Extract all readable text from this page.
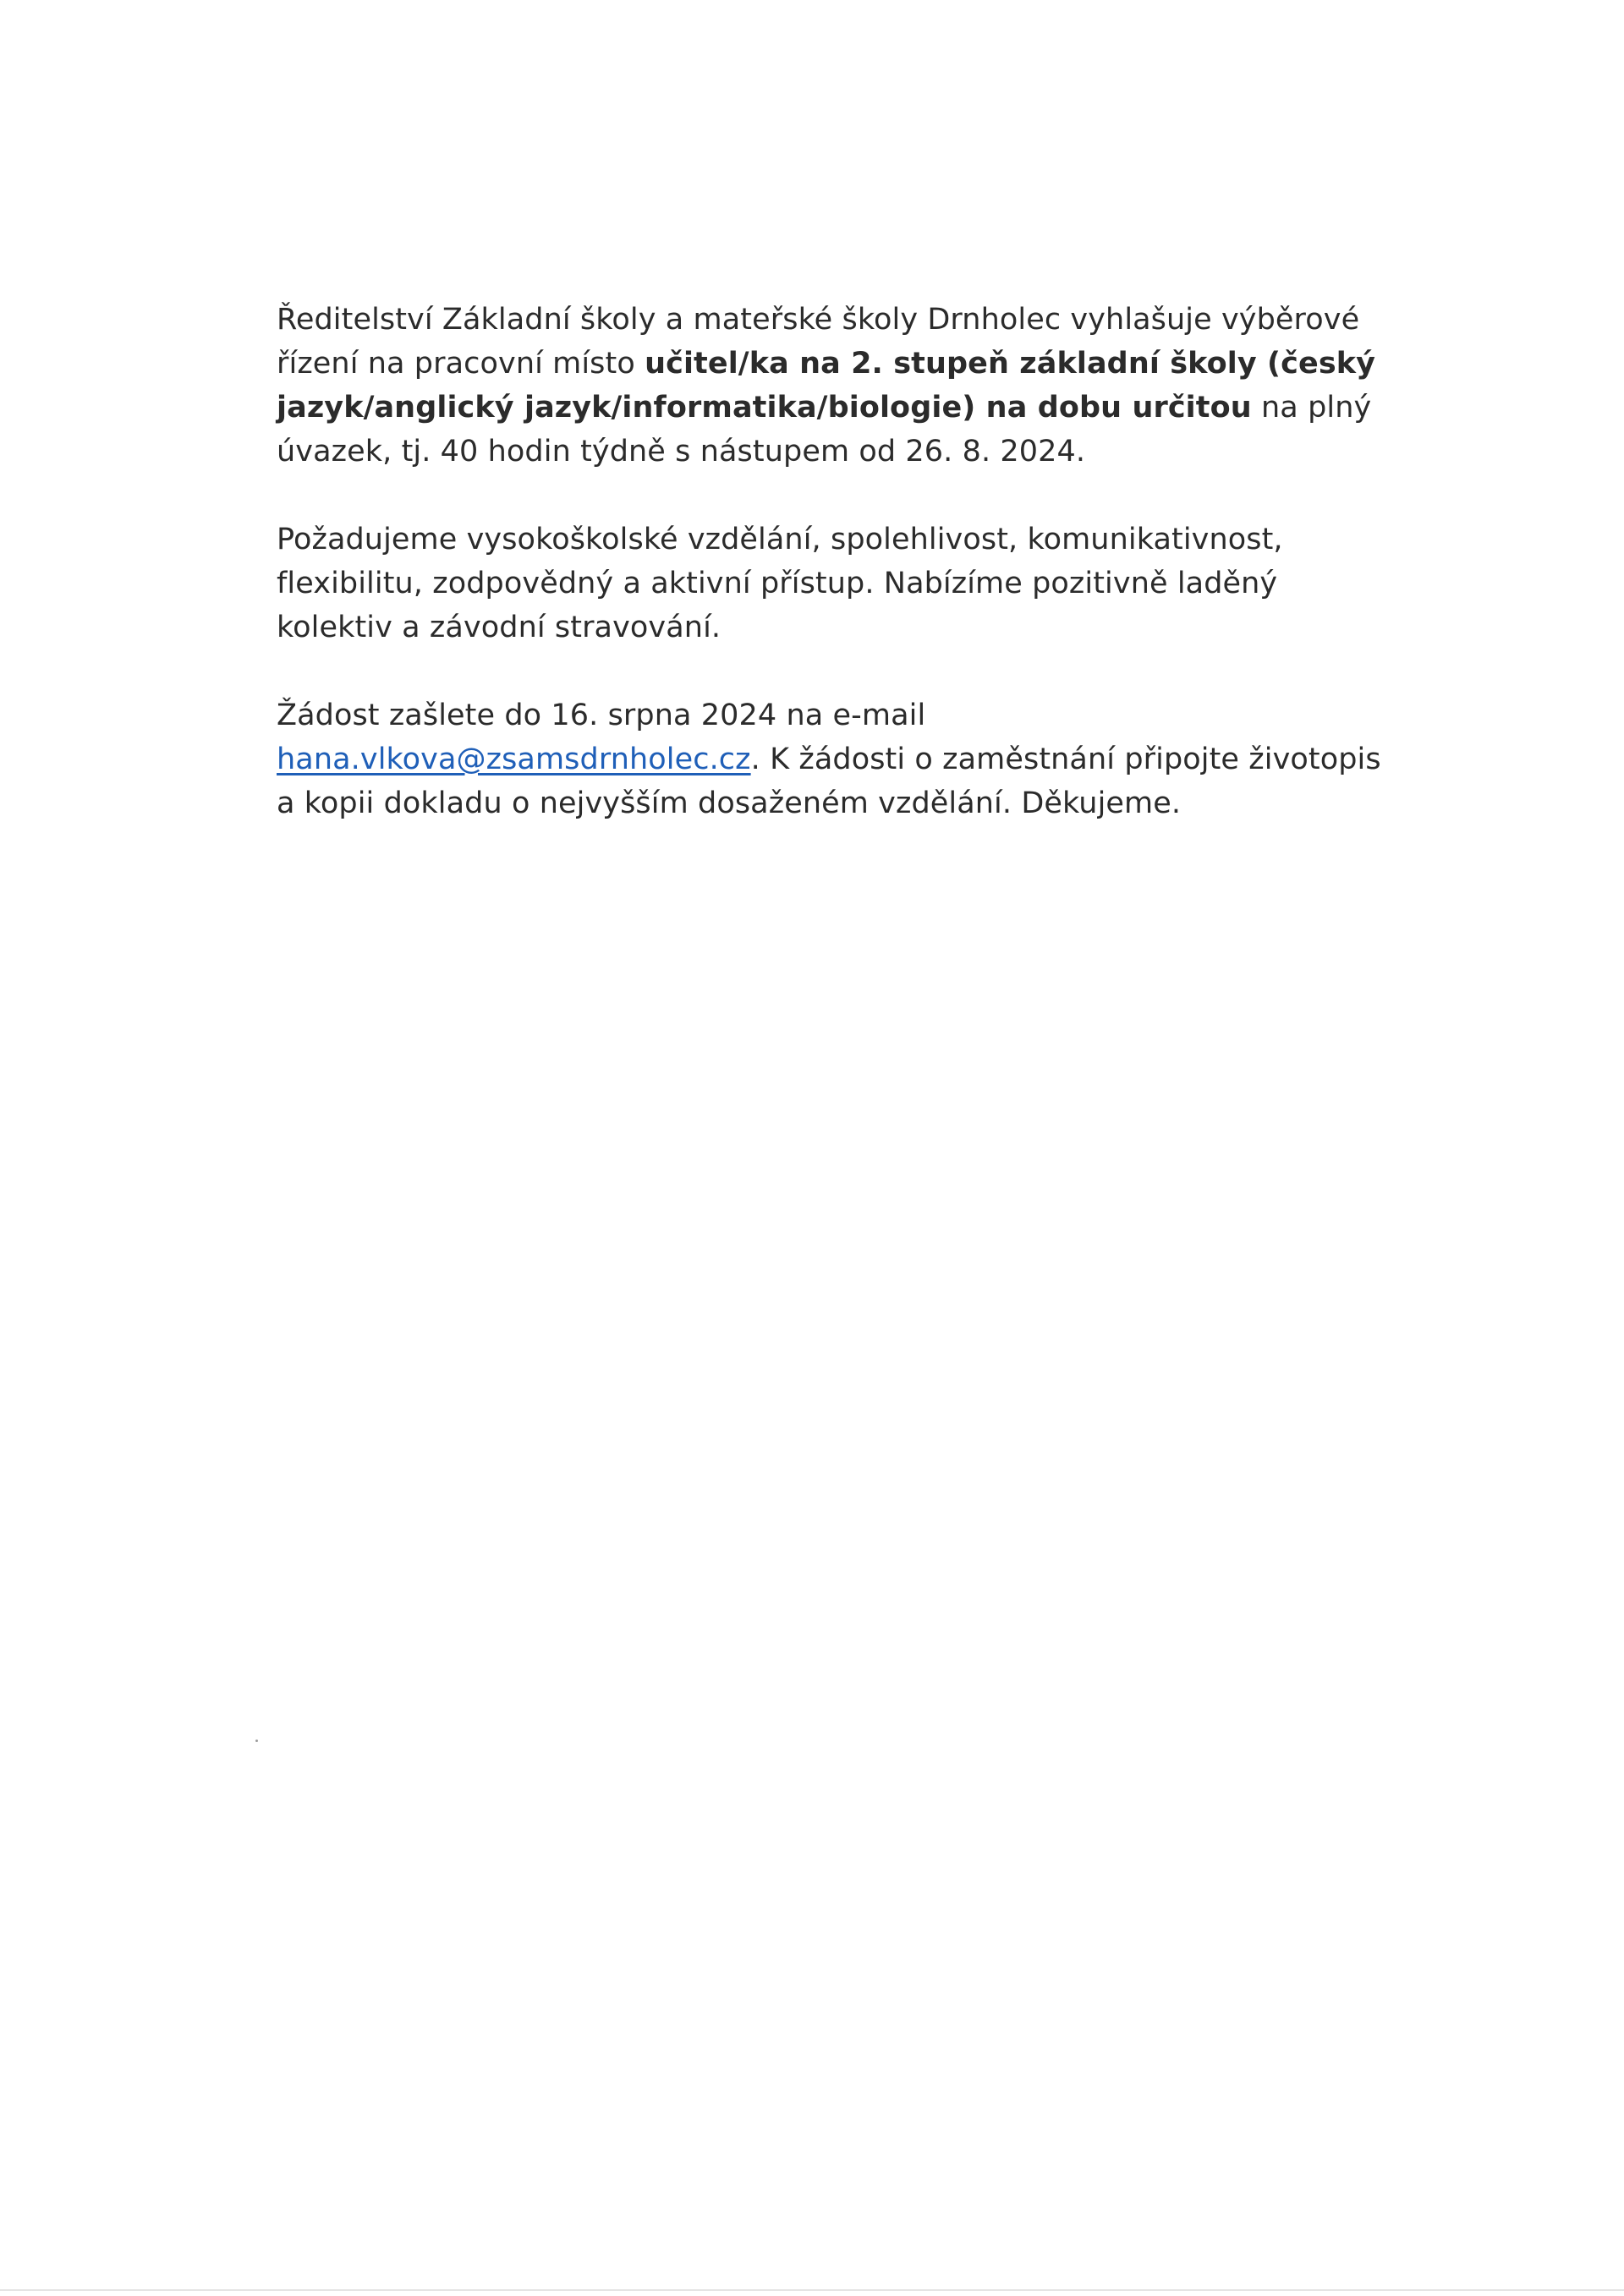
Ředitelství Základní školy a mateřské školy Drnholec vyhlašuje výběrové řízení na pracovní místo učitel/ka na 2. stupeň základní školy (český jazyk/anglický jazyk/informatika/biologie) na dobu určitou na plný úvazek, tj. 40 hodin týdně s nástupem od 26. 8. 2024.

Požadujeme vysokoškolské vzdělání, spolehlivost, komunikativnost, flexibilitu, zodpovědný a aktivní přístup. Nabízíme pozitivně laděný kolektiv a závodní stravování.

Žádost zašlete do 16. srpna 2024 na e-mail hana.vlkova@zsamsdrnholec.cz. K žádosti o zaměstnání připojte životopis a kopii dokladu o nejvyšším dosaženém vzdělání. Děkujeme.
